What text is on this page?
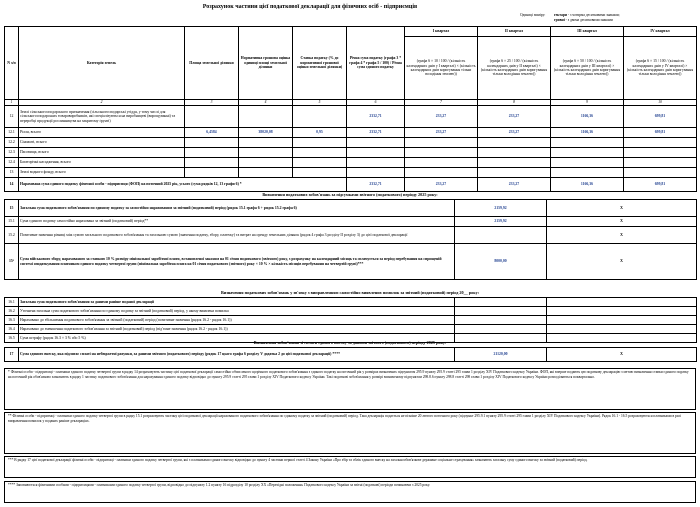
Розрахунок частини цієї податкової декларації для фізичних осіб - підприємців
Одиниці виміру:	гектари
- з чотирма десятковими знаками;
гривні
- з двома десятковими знаками
N з/п	Категорія земель	Площа земельної ділянки	Нормативна грошова оцінка одиниці площі земельної ділянки	Ставка податку (% до нормативної грошової оцінки земельної ділянки)	Річна сума податку (графа 3 * графа 4 * графа 5 / 100) / Річна сума єдиного податку	І квартал	ІІ квартал	ІІІ квартал	IV квартал
						(графа 6 × 10 / 100 / (кількість календарних днів у І кварталі) × (кількість календарних днів коригування тільки володіння землею))	(графа 6 × 25 / 100 / (кількість календарних днів у ІІ кварталі) × (кількість календарних днів коригування тільки володіння землею))	(графа 6 × 50 / 100 / (кількість календарних днів у ІІІ кварталі) × (кількість календарних днів коригування тільки володіння землею))	(графа 6 × 15 / 100 / (кількість календарних днів у IV кварталі) × (кількість календарних днів коригування тільки володіння землею))
1	2	3	4	5	6	7	8	9	10
12	Землі сільськогосподарського призначення (сільськогосподарські угіддя, у тому числі для сільськогосподарських товаровиробників, які спеціалізуються на виробництві (вирощуванні) та переробці продукції рослинництва на закритому ґрунті)				2332,71	233,27	233,27	1166,36	699,81
12.1	Рілля, всього	6,4584	38020,08	0,95	2332,71	233,27	233,27	1166,36	699,81
12.2	Сіножаті, всього								
12.3	Пасовища, всього								
12.4	Багаторічні насадження, всього								
13	Землі водного фонду, всього								
14	Нарахована сума єдиного податку фізичної особи - підприємця (ФОП) на поточний 2025 рік, усього (сума рядків 12, 13 графи 6) *				2332,71	233,27	233,27	1166,36	699,81
Визначення податкових зобов'язань за підсумками звітного (податкового) періоду 2025 року:
15	Загальна сума податкового зобов'язання по єдиному податку за самостійно нарахованим за звітний (податковий) період (рядок 15.1 графа 6 + рядок 15.2 графа 6)	2159,92	X
15.1	Сума єдиного податку самостійно нарахована за звітний (податковий) період**	2159,92	X
15.2	Позитивне значення різниці між сумою загального податкового зобов'язання та загальною сумою (значення податку, збору, платежу) та витрат на оренду земельних ділянок (рядок 4 графа 3 розділу II розділу 3) до цієї податкової декларації		X
15³	Сума військового збору, нарахованого за ставкою 10 % розміру мінімальної заробітної плати, встановленої законом на 01 січня податкового (звітного) року, з розрахунку на календарний місяць та сплачується за період перебування на спрощеній системі оподаткування платником єдиного податку четвертої групи (мінімальна заробітна плата на 01 січня податкового (звітного) року × 10 % × кількість місяців перебування на четвертій групі)***	8000,00	X
Визначення податкових зобов'язань у зв'язку з виправленням самостійно виявлених помилок за звітний (податковий) період 20__ року:
16.1	Загальна сума податкового зобов'язання за даними раніше поданої декларації		
16.2	Уточнена загальна сума податкового зобов'язання по єдиному податку за звітний (податковий) період, у якому виявлена помилка		
16.3	Нараховано до збільшення податкового зобов'язання за звітний (податковий) період (позитивне значення (рядок 16.2 - рядок 16.1))		
16.4	Нараховано до зменшення податкового зобов'язання за звітний (податковий) період (від'ємне значення (рядок 16.2 - рядок 16.1))		
16.5	Сума штрафу (рядок 16.3 × 3 % або 5 %)		
Визначення зобов'язань зі сплати єдиного внеску за даними звітного (податкового) періоду 2025 року:
17	Сума єдиного внеску, яка підлягає сплаті на небюджетні рахунки, за даними звітного (податкового) періоду (рядок 17 цього графа 6 розділу V додатка 2 до цієї податкової декларації) ****	21120,00	X
* Фізичні особи - підприємці - платники єдиного податку четвертої групи в рядку 14 розраховують частину цієї податкової декларації самостійно обчисленого щорічного податкового зобов'язання з єдиного податку на поточний рік у розмірах визначених підпунктом 295.9 пункту 295.9 статті 295 глави 1 розділу XIV Податкового кодексу України. ФОП, які вперше подають цю податкову декларацію з метою визначення ставки єдиного податку на поточний рік обов'язково зазначають в рядку 1 частину податкового зобов'язання для нарахування єдиного податку відповідно до пункту 295.9 статті 295 глави 1 розділу XIV Податкового кодексу України. Такі податкові зобов'язання у розмірі визначеному підпунктом 298.8.6 пункту 298.8 статті 298 глави 1 розділу XIV Податкового кодексу України розподіляються поквартально.
** Фізичні особи - підприємці - платники єдиного податку четвертої групи в рядку 15.1 розраховують частину цієї податкової декларації нарахованого податкового зобов'язання по єдиному податку за звітний (податковий) період. Така декларація подається не пізніше 20 лютого поточного року (підпункт 295.9.1 пункту 295.9 статті 295 глави 1 розділу XIV Податкового кодексу України). Рядок 16.1 - 16.5 розраховуються платниками в разі виправлення помилок у поданих раніше деклараціях.
*** В рядку 17 цієї податкової декларації фізичні особи - підприємці - платники єдиного податку четвертої групи, які є платниками єдиного внеску відповідно до пункту 4 частини першої статті 4 Закону України «Про збір та облік єдиного внеску на загальнообов'язкове державне соціальне страхування» зазначають загальну суму єдиного внеску за звітний (податковий) період.
**** Заповнюється фізичними особами - підприємцями - платниками єдиного податку четвертої групи, відповідно до підпункту 1.2 пункту 16 підрозділу 10 розділу XX «Перехідні положення» Податкового кодексу України за звітні (податкові) періоди починаючи з 2025 року.
